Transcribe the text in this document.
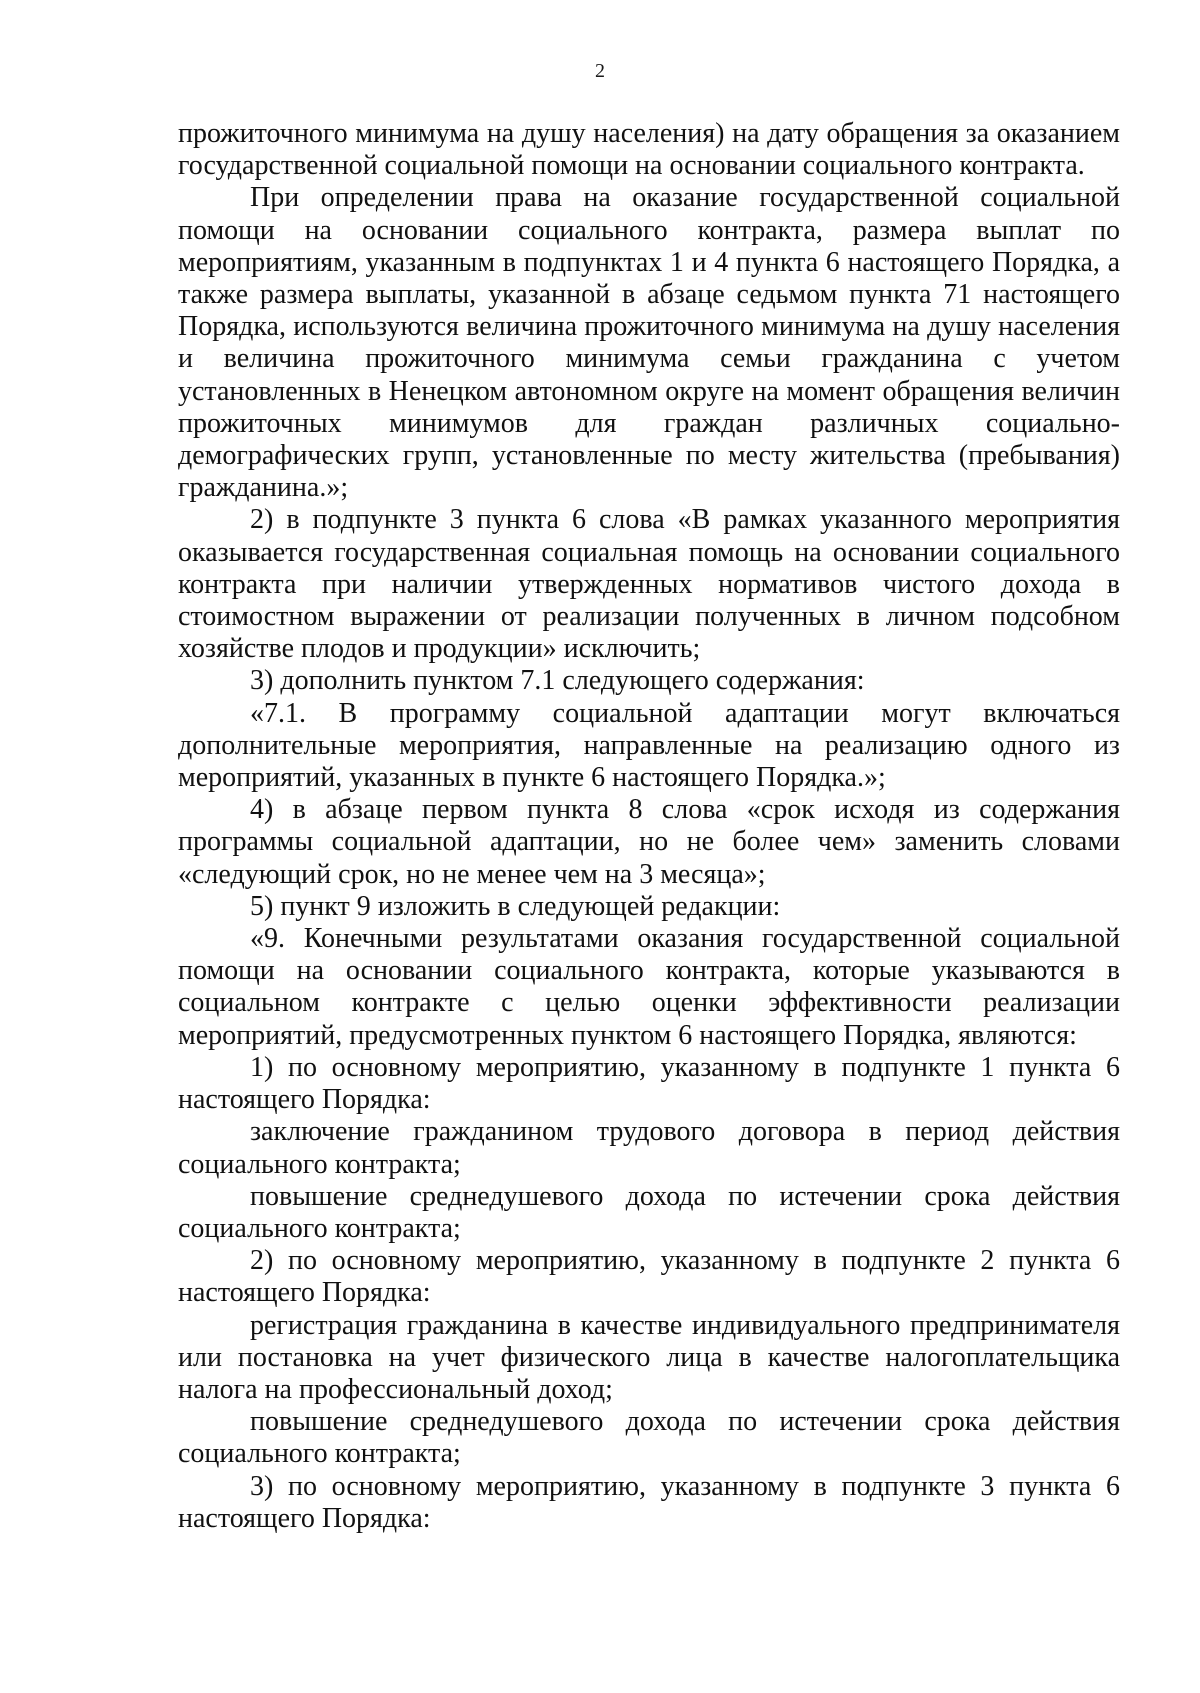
2

прожиточного минимума на душу населения) на дату обращения за оказанием государственной социальной помощи на основании социального контракта.

При определении права на оказание государственной социальной помощи на основании социального контракта, размера выплат по мероприятиям, указанным в подпунктах 1 и 4 пункта 6 настоящего Порядка, а также размера выплаты, указанной в абзаце седьмом пункта 71 настоящего Порядка, используются величина прожиточного минимума на душу населения и величина прожиточного минимума семьи гражданина с учетом установленных в Ненецком автономном округе на момент обращения величин прожиточных минимумов для граждан различных социально-демографических групп, установленные по месту жительства (пребывания) гражданина.»;

2) в подпункте 3 пункта 6 слова «В рамках указанного мероприятия оказывается государственная социальная помощь на основании социального контракта при наличии утвержденных нормативов чистого дохода в стоимостном выражении от реализации полученных в личном подсобном хозяйстве плодов и продукции» исключить;

3) дополнить пунктом 7.1 следующего содержания:

«7.1. В программу социальной адаптации могут включаться дополнительные мероприятия, направленные на реализацию одного из мероприятий, указанных в пункте 6 настоящего Порядка.»;

4) в абзаце первом пункта 8 слова «срок исходя из содержания программы социальной адаптации, но не более чем» заменить словами «следующий срок, но не менее чем на 3 месяца»;

5) пункт 9 изложить в следующей редакции:

«9. Конечными результатами оказания государственной социальной помощи на основании социального контракта, которые указываются в социальном контракте с целью оценки эффективности реализации мероприятий, предусмотренных пунктом 6 настоящего Порядка, являются:

1) по основному мероприятию, указанному в подпункте 1 пункта 6 настоящего Порядка:

заключение гражданином трудового договора в период действия социального контракта;

повышение среднедушевого дохода по истечении срока действия социального контракта;

2) по основному мероприятию, указанному в подпункте 2 пункта 6 настоящего Порядка:

регистрация гражданина в качестве индивидуального предпринимателя или постановка на учет физического лица в качестве налогоплательщика налога на профессиональный доход;

повышение среднедушевого дохода по истечении срока действия социального контракта;

3) по основному мероприятию, указанному в подпункте 3 пункта 6 настоящего Порядка:
